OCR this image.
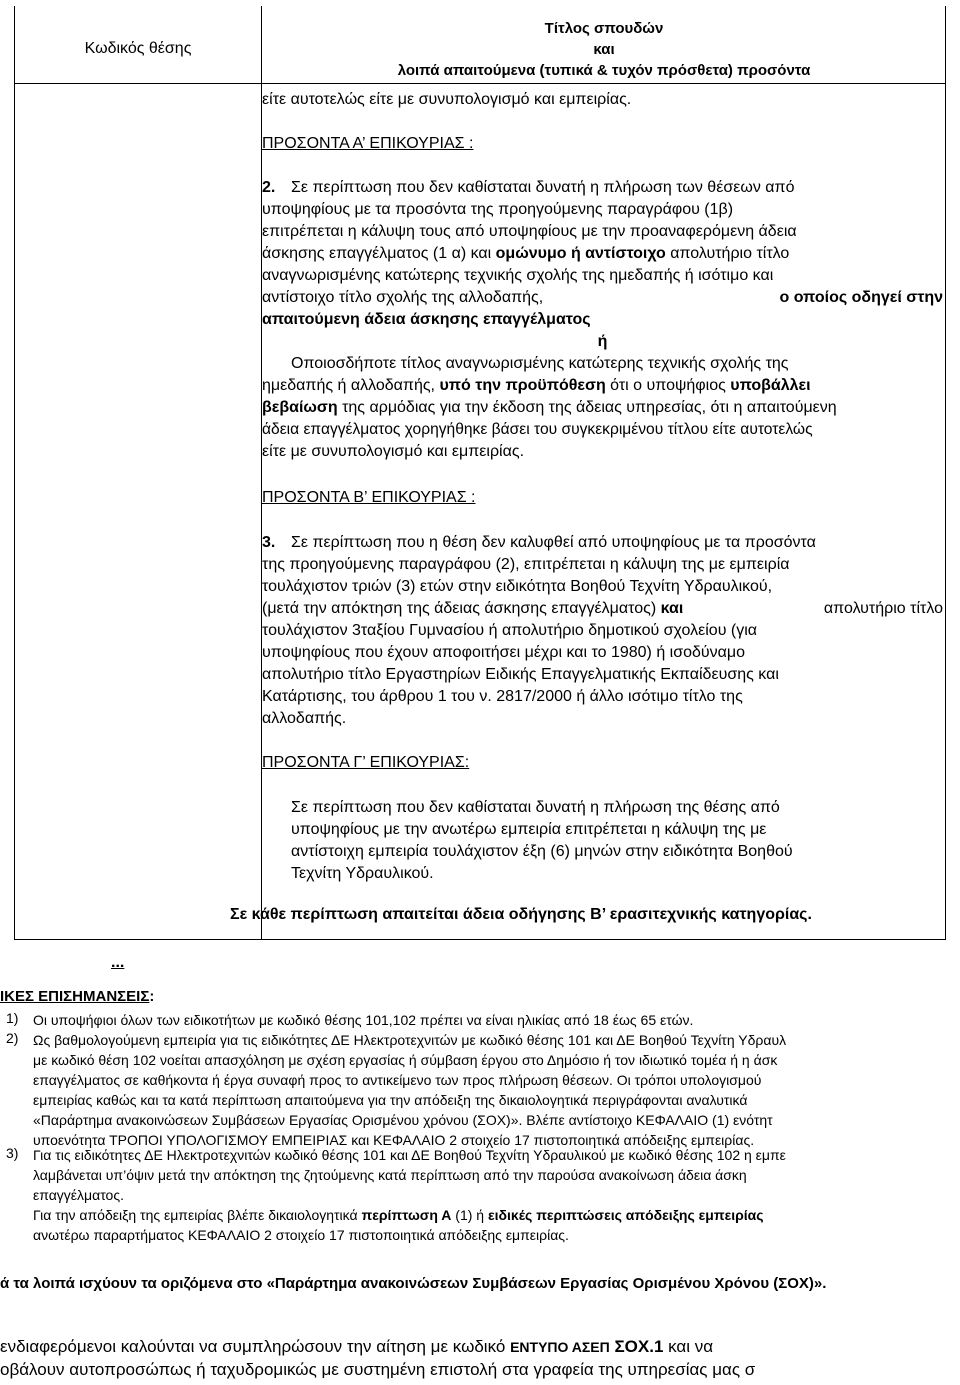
Κωδικός θέσης
Τίτλος σπουδών
και
λοιπά απαιτούμενα (τυπικά & τυχόν πρόσθετα) προσόντα
είτε αυτοτελώς είτε με συνυπολογισμό και εμπειρίας.
ΠΡΟΣΟΝΤΑ Α’ ΕΠΙΚΟΥΡΙΑΣ :
2. Σε περίπτωση που δεν καθίσταται δυνατή η πλήρωση των θέσεων από
υποψηφίους με τα προσόντα της προηγούμενης παραγράφου (1β)
επιτρέπεται η κάλυψη τους από υποψηφίους με την προαναφερόμενη άδεια
άσκησης επαγγέλματος (1 α) και ομώνυμο ή αντίστοιχο απολυτήριο τίτλο
αναγνωρισμένης κατώτερης τεχνικής σχολής της ημεδαπής ή ισότιμο και
αντίστοιχο τίτλο σχολής της αλλοδαπής,	ο οποίος οδηγεί στην
απαιτούμενη άδεια άσκησης επαγγέλματος
ή
Οποιοσδήποτε τίτλος αναγνωρισμένης κατώτερης τεχνικής σχολής της
ημεδαπής ή αλλοδαπής, υπό την προϋπόθεση ότι ο υποψήφιος υποβάλλει
βεβαίωση της αρμόδιας για την έκδοση της άδειας υπηρεσίας, ότι η απαιτούμενη
άδεια επαγγέλματος χορηγήθηκε βάσει του συγκεκριμένου τίτλου είτε αυτοτελώς
είτε με συνυπολογισμό και εμπειρίας.
ΠΡΟΣΟΝΤΑ Β’ ΕΠΙΚΟΥΡΙΑΣ :
3. Σε περίπτωση που η θέση δεν καλυφθεί από υποψηφίους με τα προσόντα
της προηγούμενης παραγράφου (2), επιτρέπεται η κάλυψη της με εμπειρία
τουλάχιστον τριών (3) ετών στην ειδικότητα Βοηθού Τεχνίτη Υδραυλικού,
(μετά την απόκτηση της άδειας άσκησης επαγγέλματος) και	απολυτήριο τίτλο
τουλάχιστον 3ταξίου Γυμνασίου ή απολυτήριο δημοτικού σχολείου (για
υποψηφίους που έχουν αποφοιτήσει μέχρι και το 1980) ή ισοδύναμο
απολυτήριο τίτλο Εργαστηρίων Ειδικής Επαγγελματικής Εκπαίδευσης και
Κατάρτισης, του άρθρου 1 του ν. 2817/2000 ή άλλο ισότιμο τίτλο της
αλλοδαπής.
ΠΡΟΣΟΝΤΑ Γ’ ΕΠΙΚΟΥΡΙΑΣ:
Σε περίπτωση που δεν καθίσταται δυνατή η πλήρωση της θέσης από
υποψηφίους με την ανωτέρω εμπειρία επιτρέπεται η κάλυψη της με
αντίστοιχη εμπειρία τουλάχιστον έξη (6) μηνών στην ειδικότητα Βοηθού
Τεχνίτη Υδραυλικού.
Σε κάθε περίπτωση απαιτείται άδεια οδήγησης Β’ ερασιτεχνικής κατηγορίας.
...
ΙΚΕΣ ΕΠΙΣΗΜΑΝΣΕΙΣ:
1) Οι υποψήφιοι όλων των ειδικοτήτων με κωδικό θέσης 101,102 πρέπει να είναι ηλικίας από 18 έως 65 ετών.
2) Ως βαθμολογούμενη εμπειρία για τις ειδικότητες ΔΕ Ηλεκτροτεχνιτών με κωδικό θέσης 101 και ΔΕ Βοηθού Τεχνίτη Υδραυλ
με κωδικό θέση 102 νοείται απασχόληση με σχέση εργασίας ή σύμβαση έργου στο Δημόσιο ή τον ιδιωτικό τομέα ή η άσκ
επαγγέλματος σε καθήκοντα ή έργα συναφή προς το αντικείμενο των προς πλήρωση θέσεων. Οι τρόποι υπολογισμού
εμπειρίας καθώς και τα κατά περίπτωση απαιτούμενα για την απόδειξη της δικαιολογητικά περιγράφονται αναλυτικά
«Παράρτημα ανακοινώσεων Συμβάσεων Εργασίας Ορισμένου χρόνου (ΣΟΧ)». Βλέπε αντίστοιχο ΚΕΦΑΛΑΙΟ (1) ενότητ
υποενότητα ΤΡΟΠΟΙ ΥΠΟΛΟΓΙΣΜΟΥ ΕΜΠΕΙΡΙΑΣ και ΚΕΦΑΛΑΙΟ 2 στοιχείο 17 πιστοποιητικά απόδειξης εμπειρίας.
3) Για τις ειδικότητες ΔΕ Ηλεκτροτεχνιτών κωδικό θέσης 101 και ΔΕ Βοηθού Τεχνίτη Υδραυλικού με κωδικό θέσης 102 η εμπε
λαμβάνεται υπ’όψιν μετά την απόκτηση της ζητούμενης κατά περίπτωση από την παρούσα ανακοίνωση άδεια άσκη
επαγγέλματος.
Για την απόδειξη της εμπειρίας βλέπε δικαιολογητικά περίπτωση Α (1) ή ειδικές περιπτώσεις απόδειξης εμπειρίας
ανωτέρω παραρτήματος ΚΕΦΑΛΑΙΟ 2 στοιχείο 17 πιστοποιητικά απόδειξης εμπειρίας.
ά τα λοιπά ισχύουν τα οριζόμενα στο «Παράρτημα ανακοινώσεων Συμβάσεων Εργασίας Ορισμένου Χρόνου (ΣΟΧ)».
ενδιαφερόμενοι καλούνται να συμπληρώσουν την αίτηση με κωδικό ΕΝΤΥΠΟ ΑΣΕΠ ΣΟΧ.1 και να
οβάλουν αυτοπροσώπως ή ταχυδρομικώς με συστημένη επιστολή στα γραφεία της υπηρεσίας μας σ
